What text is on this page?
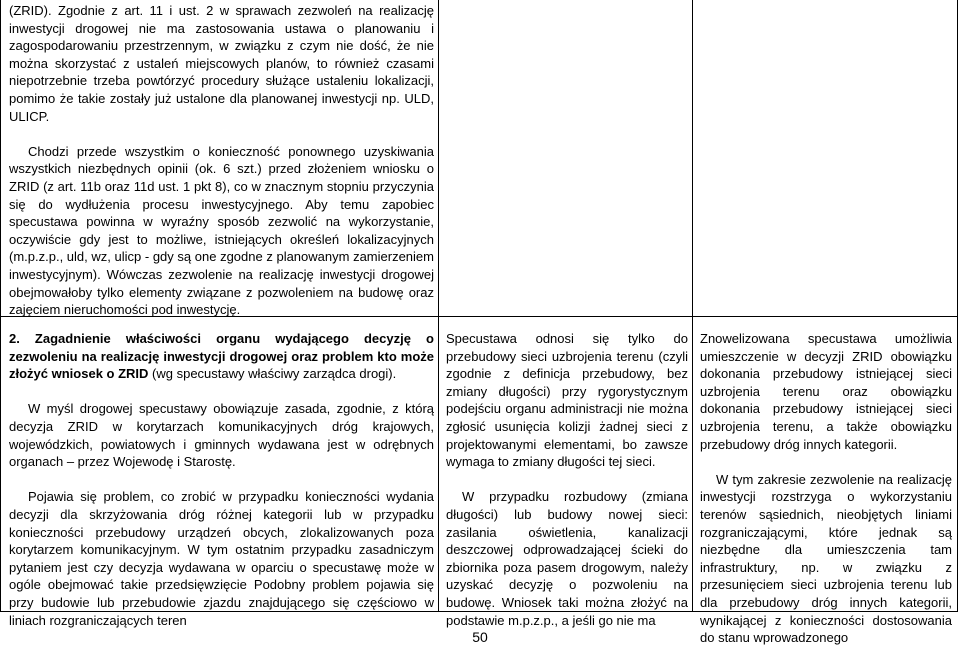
(ZRID). Zgodnie z art. 11 i ust. 2 w sprawach zezwoleń na realizację inwestycji drogowej nie ma zastosowania ustawa o planowaniu i zagospodarowaniu przestrzennym, w związku z czym nie dość, że nie można skorzystać z ustaleń miejscowych planów, to również czasami niepotrzebnie trzeba powtórzyć procedury służące ustaleniu lokalizacji, pomimo że takie zostały już ustalone dla planowanej inwestycji np. ULD, ULICP.

Chodzi przede wszystkim o konieczność ponownego uzyskiwania wszystkich niezbędnych opinii (ok. 6 szt.) przed złożeniem wniosku o ZRID (z art. 11b oraz 11d ust. 1 pkt 8), co w znacznym stopniu przyczynia się do wydłużenia procesu inwestycyjnego. Aby temu zapobiec specustawa powinna w wyraźny sposób zezwolić na wykorzystanie, oczywiście gdy jest to możliwe, istniejących określeń lokalizacyjnych (m.p.z.p., uld, wz, ulicp - gdy są one zgodne z planowanym zamierzeniem inwestycyjnym). Wówczas zezwolenie na realizację inwestycji drogowej obejmowałoby tylko elementy związane z pozwoleniem na budowę oraz zajęciem nieruchomości pod inwestycję.

2. Zagadnienie właściwości organu wydającego decyzję o zezwoleniu na realizację inwestycji drogowej oraz problem kto może złożyć wniosek o ZRID (wg specustawy właściwy zarządca drogi).

W myśl drogowej specustawy obowiązuje zasada, zgodnie, z którą decyzja ZRID w korytarzach komunikacyjnych dróg krajowych, wojewódzkich, powiatowych i gminnych wydawana jest w odrębnych organach – przez Wojewodę i Starostę.

Pojawia się problem, co zrobić w przypadku konieczności wydania decyzji dla skrzyżowania dróg różnej kategorii lub w przypadku konieczności przebudowy urządzeń obcych, zlokalizowanych poza korytarzem komunikacyjnym. W tym ostatnim przypadku zasadniczym pytaniem jest czy decyzja wydawana w oparciu o specustawę może w ogóle obejmować takie przedsięwzięcie Podobny problem pojawia się przy budowie lub przebudowie zjazdu znajdującego się częściowo w liniach rozgraniczających teren

Specustawa odnosi się tylko do przebudowy sieci uzbrojenia terenu (czyli zgodnie z definicja przebudowy, bez zmiany długości) przy rygorystycznym podejściu organu administracji nie można zgłosić usunięcia kolizji żadnej sieci z projektowanymi elementami, bo zawsze wymaga to zmiany długości tej sieci.

W przypadku rozbudowy (zmiana długości) lub budowy nowej sieci: zasilania oświetlenia, kanalizacji deszczowej odprowadzającej ścieki do zbiornika poza pasem drogowym, należy uzyskać decyzję o pozwoleniu na budowę. Wniosek taki można złożyć na podstawie m.p.z.p., a jeśli go nie ma

Znowelizowana specustawa umożliwia umieszczenie w decyzji ZRID obowiązku dokonania przebudowy istniejącej sieci uzbrojenia terenu oraz obowiązku dokonania przebudowy istniejącej sieci uzbrojenia terenu, a także obowiązku przebudowy dróg innych kategorii.

W tym zakresie zezwolenie na realizację inwestycji rozstrzyga o wykorzystaniu terenów sąsiednich, nieobjętych liniami rozgraniczającymi, które jednak są niezbędne dla umieszczenia tam infrastruktury, np. w związku z przesunięciem sieci uzbrojenia terenu lub dla przebudowy dróg innych kategorii, wynikającej z konieczności dostosowania do stanu wprowadzonego

50
